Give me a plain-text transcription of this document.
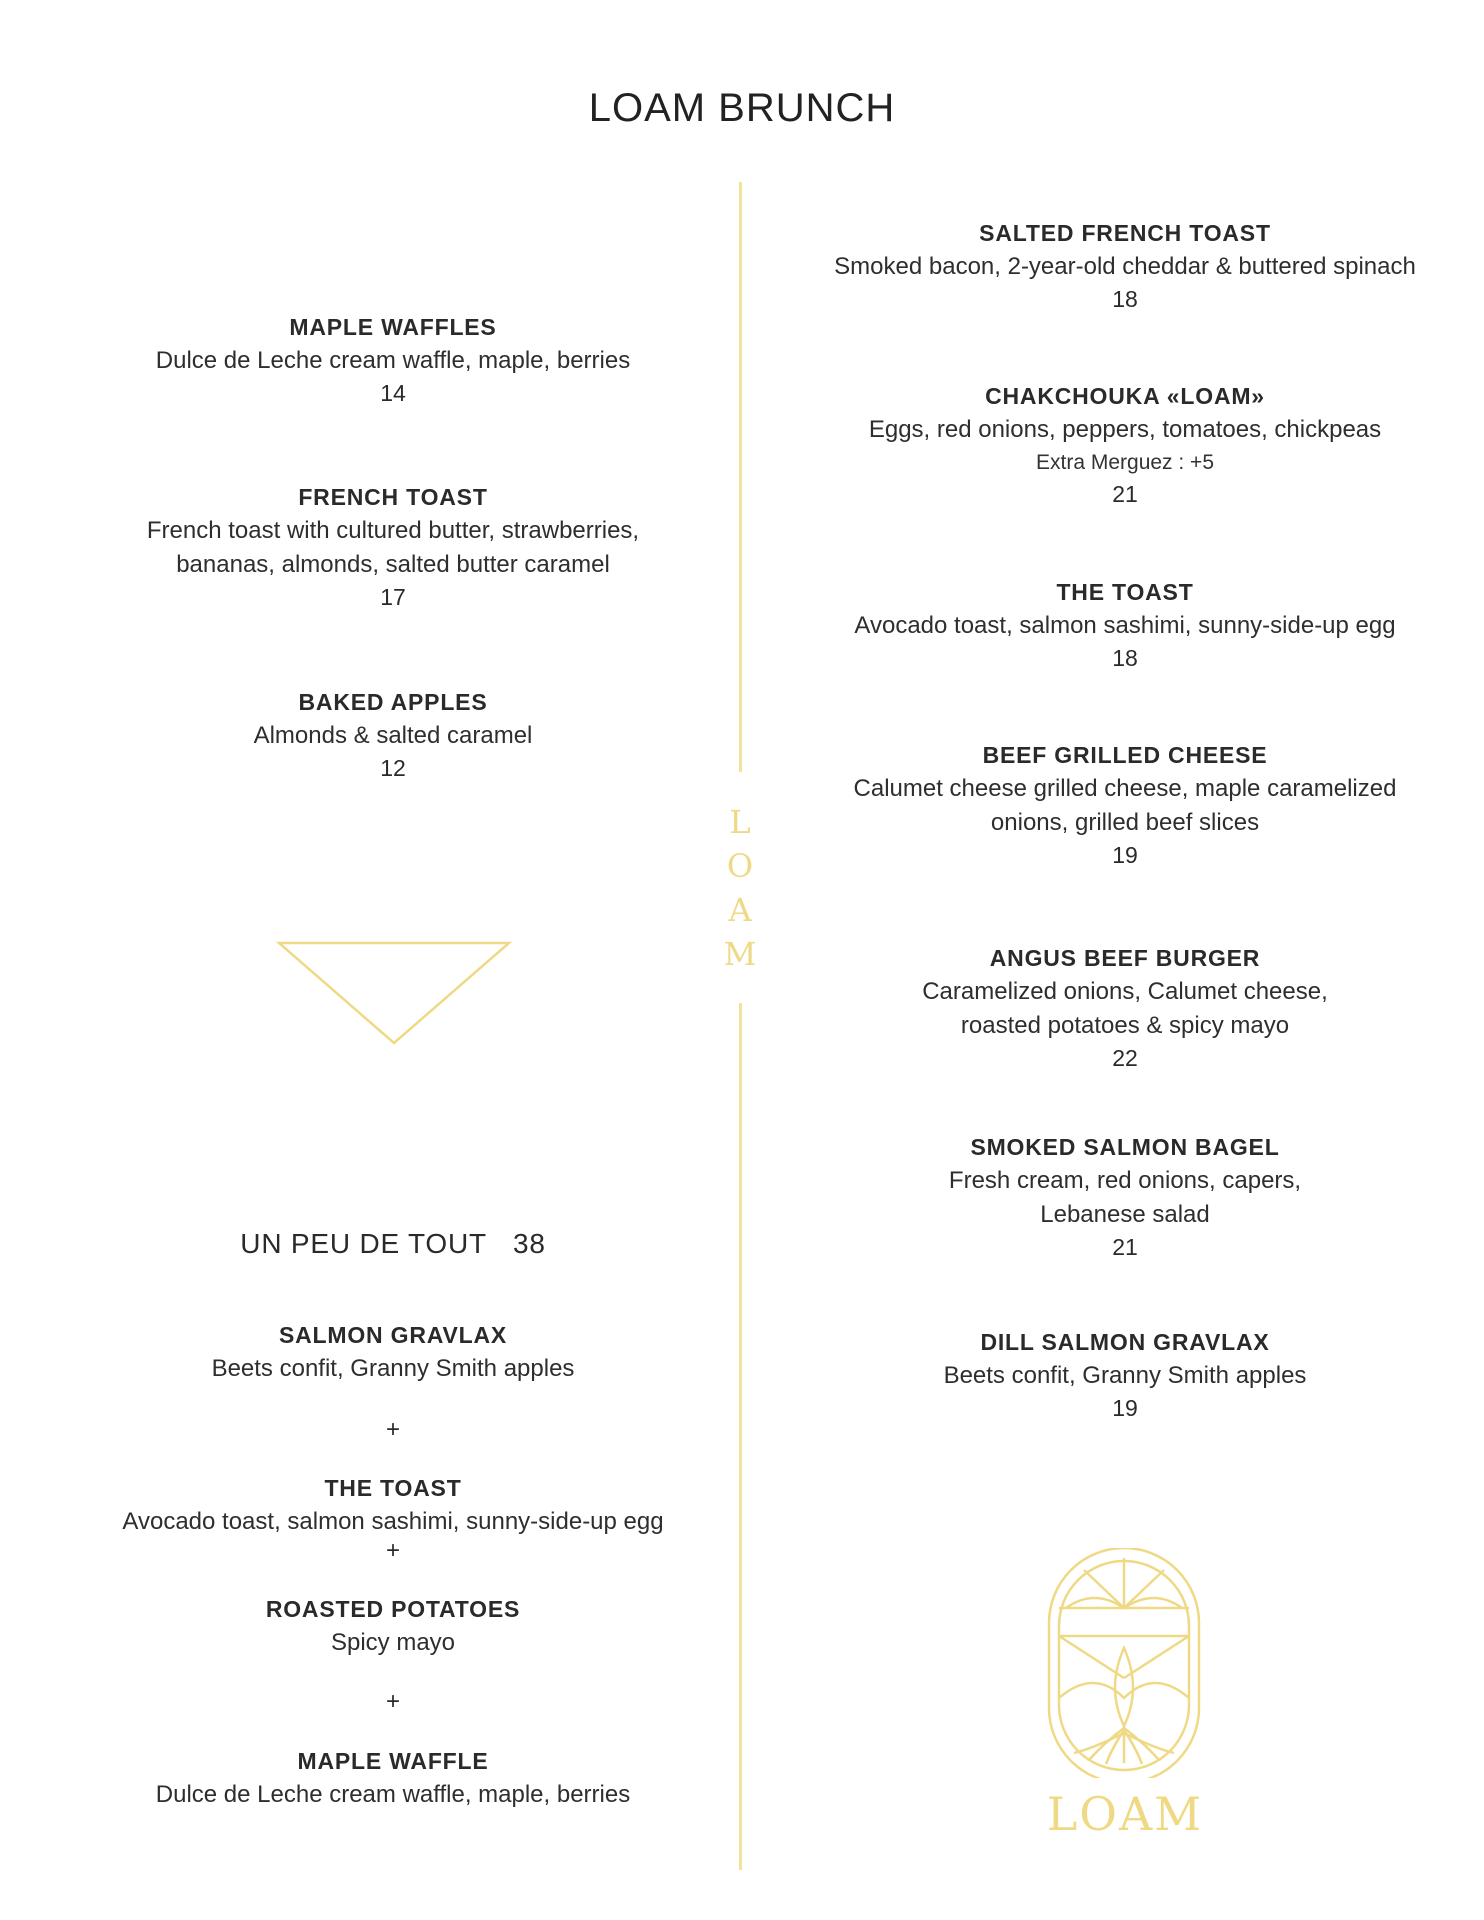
LOAM BRUNCH
L
O
A
M
MAPLE WAFFLES
Dulce de Leche cream waffle, maple, berries
14
FRENCH TOAST
French toast with cultured butter, strawberries,
bananas, almonds, salted butter caramel
17
BAKED APPLES
Almonds & salted caramel
12
UN PEU DE TOUT 38
SALMON GRAVLAX
Beets confit, Granny Smith apples
+
THE TOAST
Avocado toast, salmon sashimi, sunny-side-up egg
+
ROASTED POTATOES
Spicy mayo
+
MAPLE WAFFLE
Dulce de Leche cream waffle, maple, berries
SALTED FRENCH TOAST
Smoked bacon, 2-year-old cheddar & buttered spinach
18
CHAKCHOUKA «LOAM»
Eggs, red onions, peppers, tomatoes, chickpeas
Extra Merguez : +5
21
THE TOAST
Avocado toast, salmon sashimi, sunny-side-up egg
18
BEEF GRILLED CHEESE
Calumet cheese grilled cheese, maple caramelized
onions, grilled beef slices
19
ANGUS BEEF BURGER
Caramelized onions, Calumet cheese,
roasted potatoes & spicy mayo
22
SMOKED SALMON BAGEL
Fresh cream, red onions, capers,
Lebanese salad
21
DILL SALMON GRAVLAX
Beets confit, Granny Smith apples
19
LOAM
